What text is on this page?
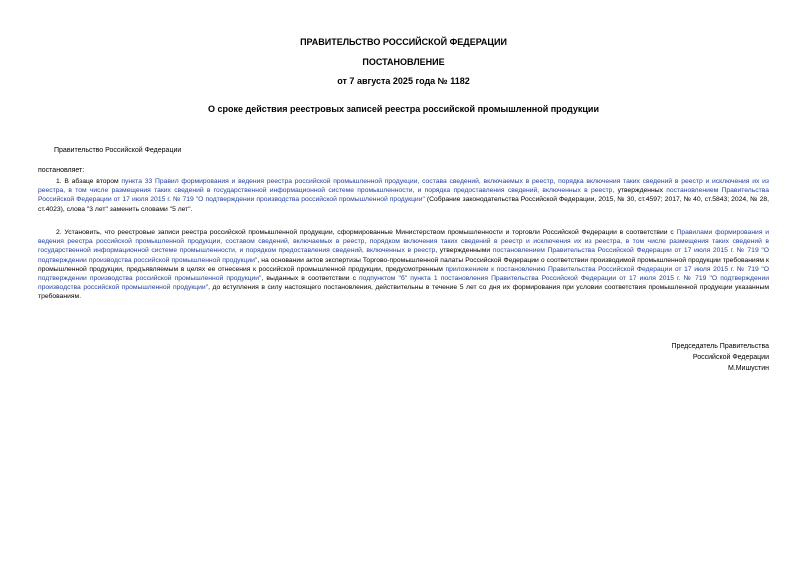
ПРАВИТЕЛЬСТВО РОССИЙСКОЙ ФЕДЕРАЦИИ
ПОСТАНОВЛЕНИЕ
от 7 августа 2025 года № 1182
О сроке действия реестровых записей реестра российской промышленной продукции
Правительство Российской Федерации
постановляет:

1. В абзаце втором пункта 33 Правил формирования и ведения реестра российской промышленной продукции, состава сведений, включаемых в реестр, порядка включения таких сведений в реестр и исключения их из реестра, в том числе размещения таких сведений в государственной информационной системе промышленности, и порядка предоставления сведений, включенных в реестр, утвержденных постановлением Правительства Российской Федерации от 17 июля 2015 г. № 719 "О подтверждении производства российской промышленной продукции" (Собрание законодательства Российской Федерации, 2015, № 30, ст.4597; 2017, № 40, ст.5843; 2024, № 28, ст.4023), слова "3 лет" заменить словами "5 лет".

2. Установить, что реестровые записи реестра российской промышленной продукции, сформированные Министерством промышленности и торговли Российской Федерации в соответствии с Правилами формирования и ведения реестра российской промышленной продукции, составом сведений, включаемых в реестр, порядком включения таких сведений в реестр и исключения их из реестра, в том числе размещения таких сведений в государственной информационной системе промышленности, и порядком предоставления сведений, включенных в реестр, утвержденными постановлением Правительства Российской Федерации от 17 июля 2015 г. № 719 "О подтверждении производства российской промышленной продукции", на основании актов экспертизы Торгово-промышленной палаты Российской Федерации о соответствии производимой промышленной продукции требованиям к промышленной продукции, предъявляемым в целях ее отнесения к российской промышленной продукции, предусмотренным приложением к постановлению Правительства Российской Федерации от 17 июля 2015 г. № 719 "О подтверждении производства российской промышленной продукции", выданных в соответствии с подпунктом "б" пункта 1 постановления Правительства Российской Федерации от 17 июля 2015 г. № 719 "О подтверждении производства российской промышленной продукции", до вступления в силу настоящего постановления, действительны в течение 5 лет со дня их формирования при условии соответствия промышленной продукции указанным требованиям.

Председатель Правительства
Российской Федерации
М.Мишустин
